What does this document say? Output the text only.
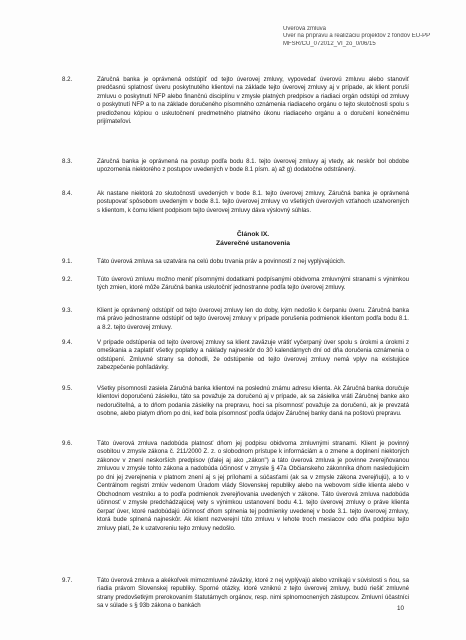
Úverová zmluva
Úver na prípravu a realizáciu projektov z fondov EÚ-PP
MFSR/CU_072012_VI_zo_0/06/15
8.2.	Záručná banka je oprávnená odstúpiť od tejto úverovej zmluvy, vypovedať úverovú zmluvu alebo stanoviť predčasnú splatnosť úveru poskytnutého klientovi na základe tejto úverovej zmluvy aj v prípade, ak klient poruší zmluvu o poskytnutí NFP alebo finančnú disciplínu v zmysle platných predpisov a riadiaci orgán odstúpi od zmluvy o poskytnutí NFP a to na základe doručeného písomného oznámenia riadiaceho orgánu o tejto skutočnosti spolu s predloženou kópiou o uskutočnení predmetného platného úkonu riadiaceho orgánu a o doručení konečnému prijímateľovi.
8.3.	Záručná banka je oprávnená na postup podľa bodu 8.1. tejto úverovej zmluvy aj vtedy, ak neskôr bol obdobe upozornenia niektorého z postupov uvedených v bode 8.1 písm. a) až g) dodatočne odstránený.
8.4.	Ak nastane niektorá zo skutočností uvedených v bode 8.1. tejto úverovej zmluvy, Záručná banka je oprávnená postupovať spôsobom uvedeným v bode 8.1. tejto úverovej zmluvy vo všetkých úverových vzťahoch uzatvorených s klientom, k čomu klient podpisom tejto úverovej zmluvy dáva výslovný súhlas.
Článok IX.
Záverečné ustanovenia
9.1.	Táto úverová zmluva sa uzatvára na celú dobu trvania práv a povinností z nej vyplývajúcich.
9.2.	Túto úverovú zmluvu možno meniť písomnými dodatkami podpísanými obidvoma zmluvnými stranami s výnimkou tých zmien, ktoré môže Záručná banka uskutočniť jednostranne podľa tejto úverovej zmluvy.
9.3.	Klient je oprávnený odstúpiť od tejto úverovej zmluvy len do doby, kým nedošlo k čerpaniu úveru. Záručná banka má právo jednostranne odstúpiť od tejto úverovej zmluvy v prípade porušenia podmienok klientom podľa bodu 8.1. a 8.2. tejto úverovej zmluvy.
9.4.	V prípade odstúpenia od tejto úverovej zmluvy sa klient zaväzuje vrátiť vyčerpaný úver spolu s úrokmi a úrokmi z omeškania a zaplatiť všetky poplatky a náklady najneskôr do 30 kalendárnych dní od dňa doručenia oznámenia o odstúpení. Zmluvné strany sa dohodli, že odstúpenie od tejto úverovej zmluvy nemá vplyv na existujúce zabezpečenie pohľadávky.
9.5.	Všetky písomnosti zasiela Záručná banka klientovi na poslednú známu adresu klienta. Ak Záručná banka doručuje klientovi doporučenú zásielku, táto sa považuje za doručenú aj v prípade, ak sa zásielka vráti Záručnej banke ako nedoručiteľná, a to dňom podania zásielky na prepravu, hoci sa písomnosť považuje za doručenú, ak je prevzatá osobne, alebo piatym dňom po dni, keď bola písomnosť podľa údajov Záručnej banky daná na poštovú prepravu.
9.6.	Táto úverová zmluva nadobúda platnosť dňom jej podpisu obidvoma zmluvnými stranami. Klient je povinný osobitou v zmysle zákona č. 211/2000 Z. z. o slobodnom prístupe k informáciám a o zmene a doplnení niektorých zákonov v znení neskorších predpisov (ďalej aj ako „zákon") a táto úverová zmluva je povinne zverejňovanou zmluvou v zmysle tohto zákona a nadobúda účinnosť v zmysle § 47a Občianskeho zákonníka dňom nasledujúcim po dni jej zverejnenia v platnom znení aj s jej prílohami a súčasťami (ak sa v zmysle zákona zverejňujú), a to v Centrálnom registri zmlúv vedenom Úradom vlády Slovenskej republiky alebo na webovom sídle klienta alebo v Obchodnom vestníku a to podľa podmienok zverejňovania uvedených v zákone. Táto úverová zmluva nadobúda účinnosť v zmysle predchádzajúcej vety s výnimkou ustanovení bodu 4.1. tejto úverovej zmluvy o práve klienta čerpať úver, ktoré nadobúdajú účinnosť dňom splnenia tej podmienky uvedenej v bode 3.1. tejto úverovej zmluvy, ktorá bude splnená najneskôr. Ak klient nezverejní túto zmluvu v lehote troch mesiacov odo dňa podpisu tejto zmluvy platí, že k uzatvoreniu tejto zmluvy nedošlo.
9.7.	Táto úverová zmluva a akékoľvek mimozmluvné záväzky, ktoré z nej vyplývajú alebo vznikajú v súvislosti s ňou, sa riadia právom Slovenskej republiky. Sporné otázky, ktoré vzniknú z tejto úverovej zmluvy, budú riešiť zmluvné strany predovšetkým prerokovaním štatutárnych orgánov, resp. nimi splnomocnených zástupcov. Zmluvní účastníci sa v súlade s § 93b zákona o bankách	10
